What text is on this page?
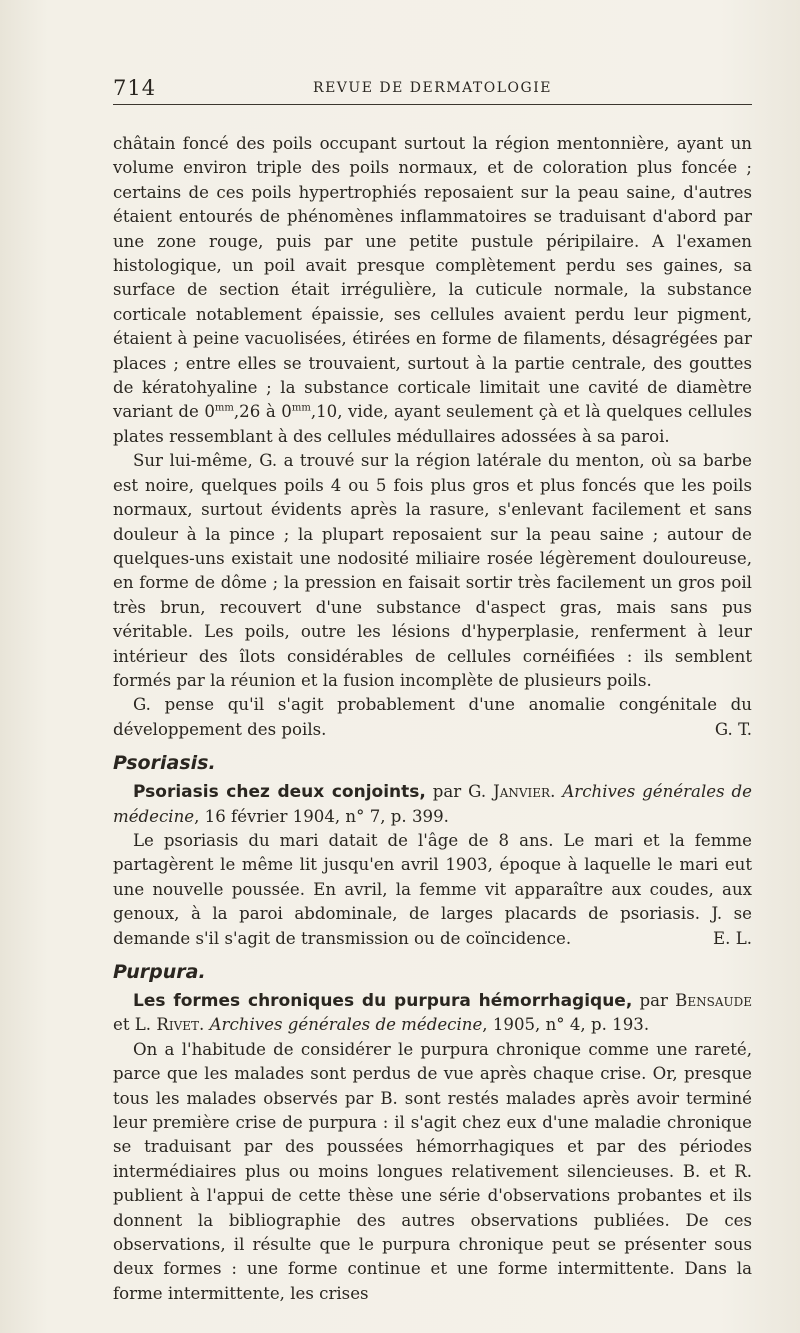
714	REVUE DE DERMATOLOGIE

châtain foncé des poils occupant surtout la région mentonnière, ayant un volume environ triple des poils normaux, et de coloration plus foncée ; certains de ces poils hypertrophiés reposaient sur la peau saine, d'autres étaient entourés de phénomènes inflammatoires se traduisant d'abord par une zone rouge, puis par une petite pustule péripilaire. A l'examen histologique, un poil avait presque complètement perdu ses gaines, sa surface de section était irrégulière, la cuticule normale, la substance corticale notablement épaissie, ses cellules avaient perdu leur pigment, étaient à peine vacuolisées, étirées en forme de filaments, désagrégées par places ; entre elles se trouvaient, surtout à la partie centrale, des gouttes de kératohyaline ; la substance corticale limitait une cavité de diamètre variant de $0^{mm},26$ à $0^{mm},10$, vide, ayant seulement çà et là quelques cellules plates ressemblant à des cellules médullaires adossées à sa paroi.

Sur lui-même, G. a trouvé sur la région latérale du menton, où sa barbe est noire, quelques poils 4 ou 5 fois plus gros et plus foncés que les poils normaux, surtout évidents après la rasure, s'enlevant facilement et sans douleur à la pince ; la plupart reposaient sur la peau saine ; autour de quelques-uns existait une nodosité miliaire rosée légèrement douloureuse, en forme de dôme ; la pression en faisait sortir très facilement un gros poil très brun, recouvert d'une substance d'aspect gras, mais sans pus véritable. Les poils, outre les lésions d'hyperplasie, renferment à leur intérieur des îlots considérables de cellules cornéifiées : ils semblent formés par la réunion et la fusion incomplète de plusieurs poils.

G. pense qu'il s'agit probablement d'une anomalie congénitale du développement des poils.	G. T.

Psoriasis.

Psoriasis chez deux conjoints, par G. Janvier. Archives générales de médecine, 16 février 1904, n° 7, p. 399.

Le psoriasis du mari datait de l'âge de 8 ans. Le mari et la femme partagèrent le même lit jusqu'en avril 1903, époque à laquelle le mari eut une nouvelle poussée. En avril, la femme vit apparaître aux coudes, aux genoux, à la paroi abdominale, de larges placards de psoriasis. J. se demande s'il s'agit de transmission ou de coïncidence.	E. L.

Purpura.

Les formes chroniques du purpura hémorrhagique, par Bensaude et L. Rivet. Archives générales de médecine, 1905, n° 4, p. 193.

On a l'habitude de considérer le purpura chronique comme une rareté, parce que les malades sont perdus de vue après chaque crise. Or, presque tous les malades observés par B. sont restés malades après avoir terminé leur première crise de purpura : il s'agit chez eux d'une maladie chronique se traduisant par des poussées hémorrhagiques et par des périodes intermédiaires plus ou moins longues relativement silencieuses. B. et R. publient à l'appui de cette thèse une série d'observations probantes et ils donnent la bibliographie des autres observations publiées. De ces observations, il résulte que le purpura chronique peut se présenter sous deux formes : une forme continue et une forme intermittente. Dans la forme intermittente, les crises
